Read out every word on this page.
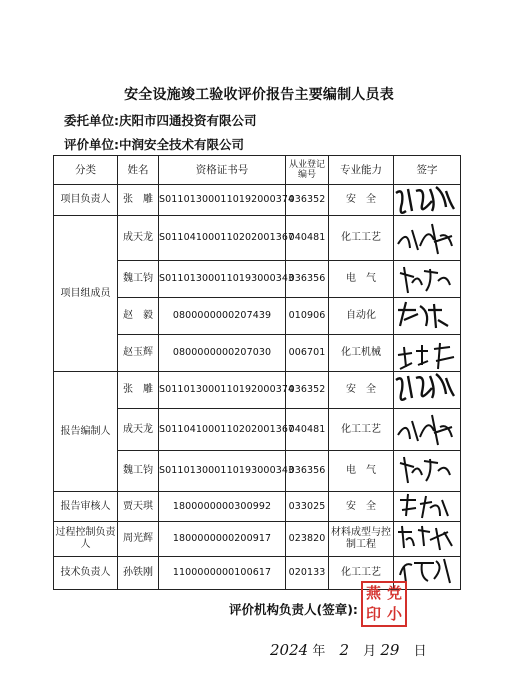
安全设施竣工验收评价报告主要编制人员表
委托单位:庆阳市四通投资有限公司
评价单位:中润安全技术有限公司
分类	姓名	资格证书号	从业登记编号	专业能力	签字
项目负责人	张　雕	S011013000110192000374	036352	安　全	

项目组成员	成天龙	S011041000110202001367	040481	化工工艺	

	魏工钧	S011013000110193000343	036356	电　气	

	赵　毅	0800000000207439	010906	自动化	

	赵玉辉	0800000000207030	006701	化工机械	

报告编制人	张　雕	S011013000110192000374	036352	安　全	

	成天龙	S011041000110202001367	040481	化工工艺	

	魏工钧	S011013000110193000343	036356	电　气	

报告审核人	贾天琪	1800000000300992	033025	安　全	

过程控制负责人	周光辉	1800000000200917	023820	材料成型与控制工程	

技术负责人	孙铁刚	1100000000100617	020133	化工工艺	
评价机构负责人(签章):
燕 党
印 小
2024 年 2 月 29 日
